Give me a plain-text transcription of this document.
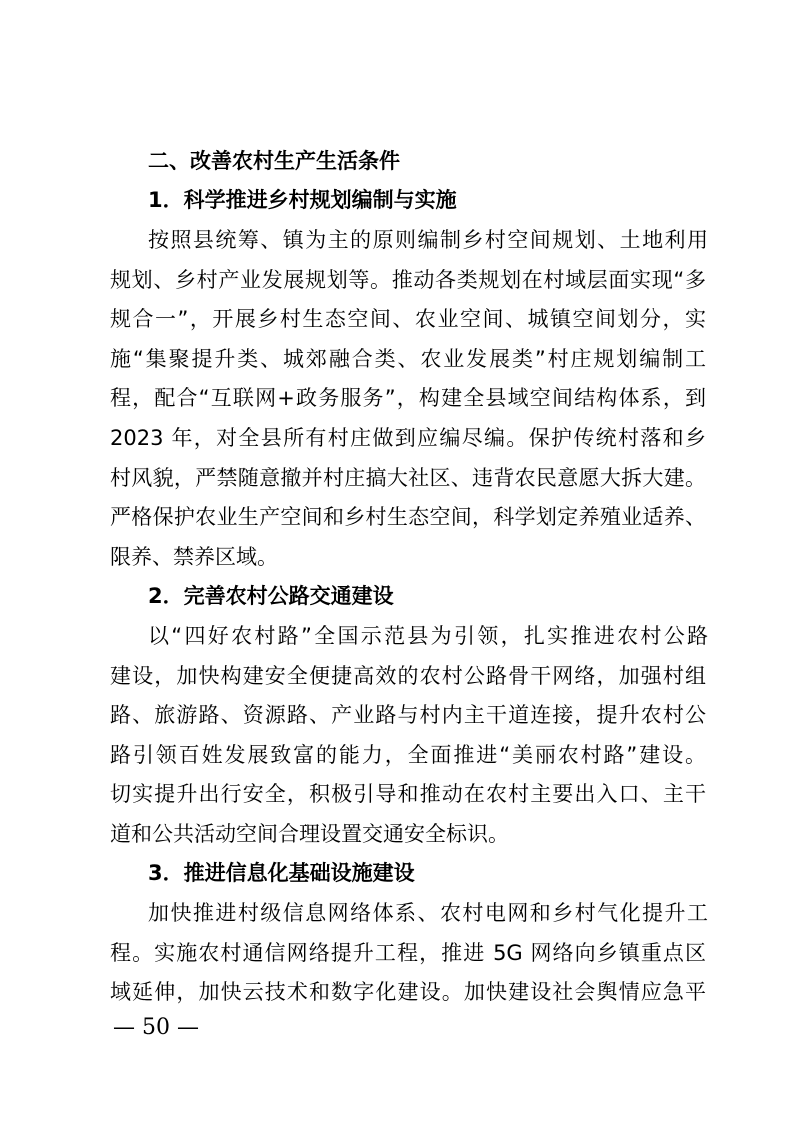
二、改善农村生产生活条件
1．科学推进乡村规划编制与实施
按照县统筹、镇为主的原则编制乡村空间规划、土地利用
规划、乡村产业发展规划等。推动各类规划在村域层面实现“多
规合一”，开展乡村生态空间、农业空间、城镇空间划分，实
施“集聚提升类、城郊融合类、农业发展类”村庄规划编制工
程，配合“互联网+政务服务”，构建全县域空间结构体系，到
2023 年，对全县所有村庄做到应编尽编。保护传统村落和乡
村风貌，严禁随意撤并村庄搞大社区、违背农民意愿大拆大建。
严格保护农业生产空间和乡村生态空间，科学划定养殖业适养、
限养、禁养区域。
2．完善农村公路交通建设
以“四好农村路”全国示范县为引领，扎实推进农村公路
建设，加快构建安全便捷高效的农村公路骨干网络，加强村组
路、旅游路、资源路、产业路与村内主干道连接，提升农村公
路引领百姓发展致富的能力，全面推进“美丽农村路”建设。
切实提升出行安全，积极引导和推动在农村主要出入口、主干
道和公共活动空间合理设置交通安全标识。
3．推进信息化基础设施建设
加快推进村级信息网络体系、农村电网和乡村气化提升工
程。实施农村通信网络提升工程，推进 5G 网络向乡镇重点区
域延伸，加快云技术和数字化建设。加快建设社会舆情应急平
— 50 —
